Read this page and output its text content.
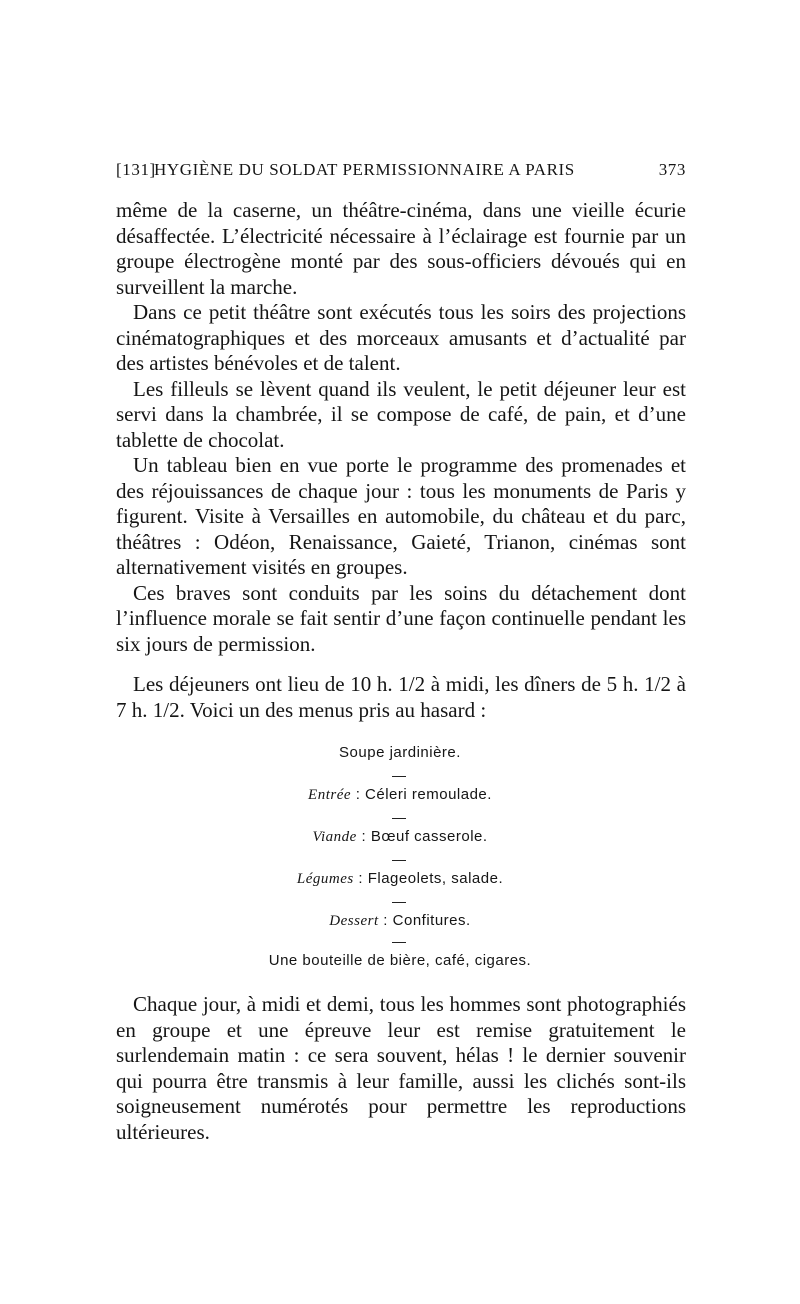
[131]
HYGIÈNE DU SOLDAT PERMISSIONNAIRE A PARIS	373

même de la caserne, un théâtre-cinéma, dans une vieille écurie désaffectée. L’électricité nécessaire à l’éclairage est fournie par un groupe électrogène monté par des sous-officiers dévoués qui en surveillent la marche.

Dans ce petit théâtre sont exécutés tous les soirs des projections cinématographiques et des morceaux amusants et d’actualité par des artistes bénévoles et de talent.

Les filleuls se lèvent quand ils veulent, le petit déjeuner leur est servi dans la chambrée, il se compose de café, de pain, et d’une tablette de chocolat.

Un tableau bien en vue porte le programme des promenades et des réjouissances de chaque jour : tous les monuments de Paris y figurent. Visite à Versailles en automobile, du château et du parc, théâtres : Odéon, Renaissance, Gaieté, Trianon, cinémas sont alternativement visités en groupes.

Ces braves sont conduits par les soins du détachement dont l’influence morale se fait sentir d’une façon continuelle pendant les six jours de permission.

Les déjeuners ont lieu de 10 h. 1/2 à midi, les dîners de 5 h. 1/2 à 7 h. 1/2. Voici un des menus pris au hasard :

Soupe jardinière.
Entrée : Céleri remoulade.
Viande : Bœuf casserole.
Légumes : Flageolets, salade.
Dessert : Confitures.
Une bouteille de bière, café, cigares.

Chaque jour, à midi et demi, tous les hommes sont photographiés en groupe et une épreuve leur est remise gratuitement le surlendemain matin : ce sera souvent, hélas ! le dernier souvenir qui pourra être transmis à leur famille, aussi les clichés sont-ils soigneusement numérotés pour permettre les reproductions ultérieures.
